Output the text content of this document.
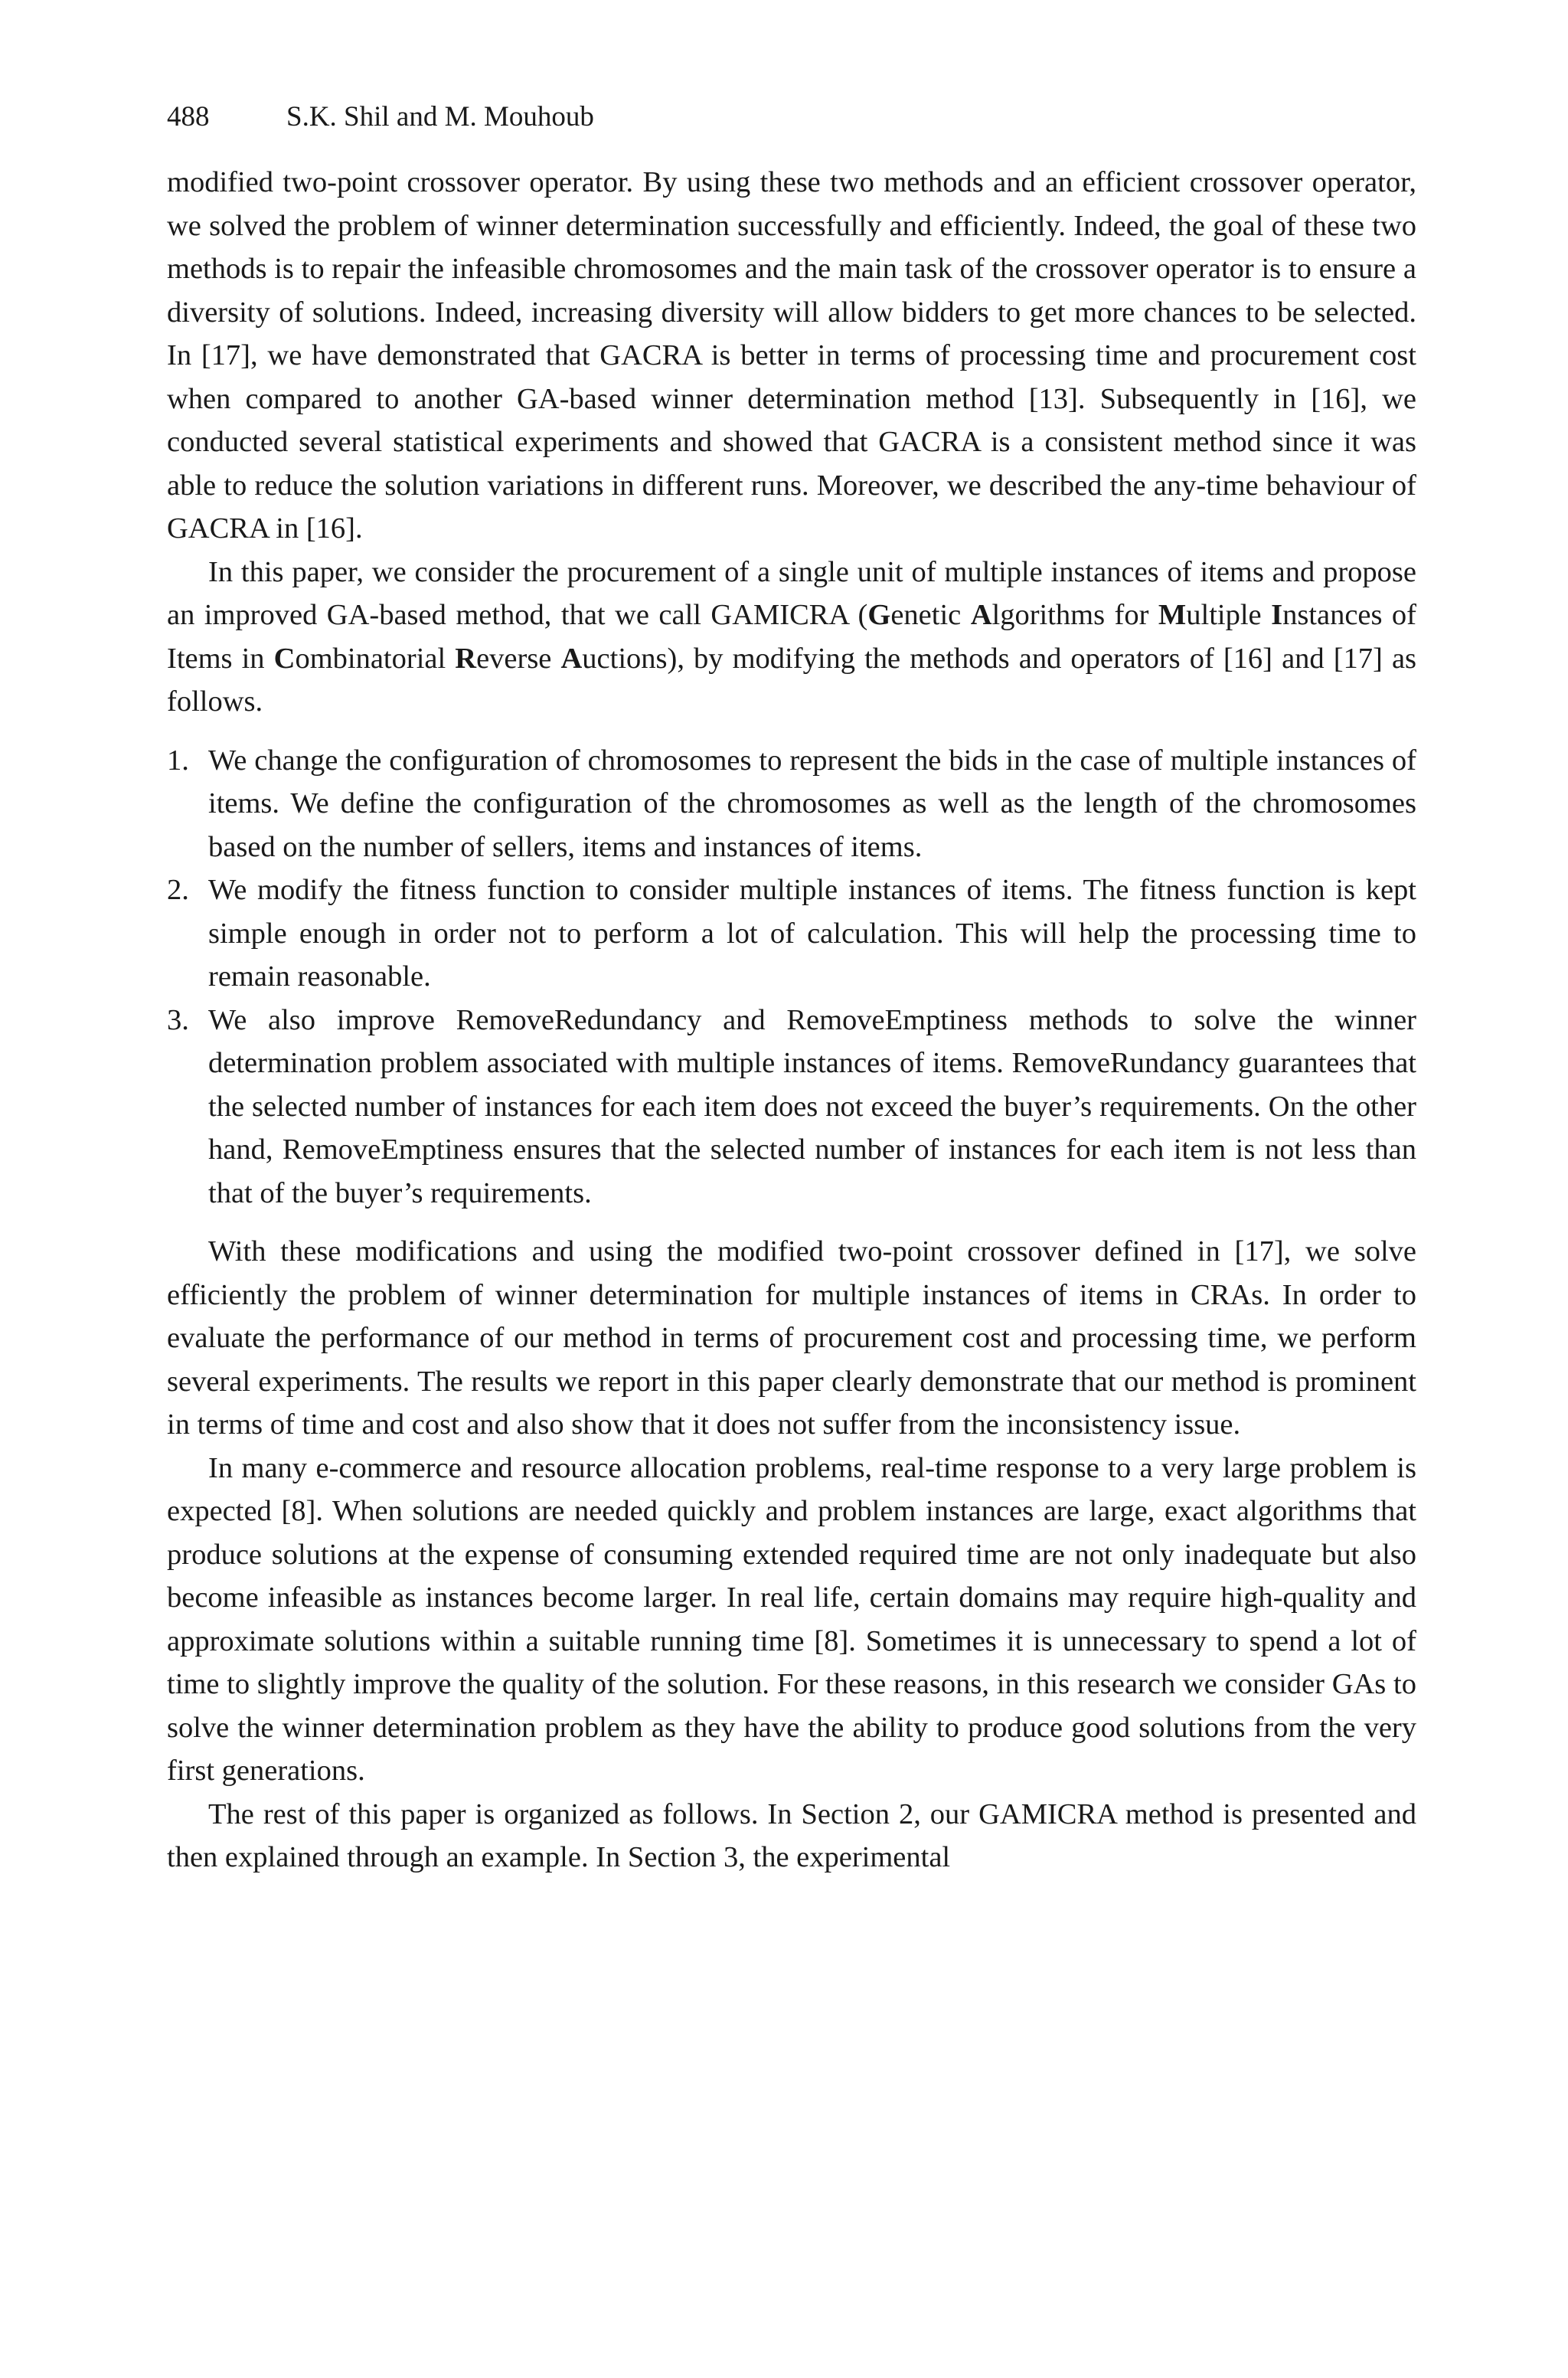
488	S.K. Shil and M. Mouhoub

modified two-point crossover operator. By using these two methods and an efficient crossover operator, we solved the problem of winner determination successfully and efficiently. Indeed, the goal of these two methods is to repair the infeasible chromosomes and the main task of the crossover operator is to ensure a diversity of solutions. Indeed, increasing diversity will allow bidders to get more chances to be selected. In [17], we have demonstrated that GACRA is better in terms of processing time and procurement cost when compared to another GA-based winner determination method [13]. Subsequently in [16], we conducted several statistical experiments and showed that GACRA is a consistent method since it was able to reduce the solution variations in different runs. Moreover, we described the any-time behaviour of GACRA in [16].

In this paper, we consider the procurement of a single unit of multiple instances of items and propose an improved GA-based method, that we call GAMICRA (Genetic Algorithms for Multiple Instances of Items in Combinatorial Reverse Auctions), by modifying the methods and operators of [16] and [17] as follows.

1. We change the configuration of chromosomes to represent the bids in the case of multiple instances of items. We define the configuration of the chromosomes as well as the length of the chromosomes based on the number of sellers, items and instances of items.
2. We modify the fitness function to consider multiple instances of items. The fitness function is kept simple enough in order not to perform a lot of calculation. This will help the processing time to remain reasonable.
3. We also improve RemoveRedundancy and RemoveEmptiness methods to solve the winner determination problem associated with multiple instances of items. RemoveRundancy guarantees that the selected number of instances for each item does not exceed the buyer’s requirements. On the other hand, RemoveEmptiness ensures that the selected number of instances for each item is not less than that of the buyer’s requirements.

With these modifications and using the modified two-point crossover defined in [17], we solve efficiently the problem of winner determination for multiple instances of items in CRAs. In order to evaluate the performance of our method in terms of procurement cost and processing time, we perform several experiments. The results we report in this paper clearly demonstrate that our method is prominent in terms of time and cost and also show that it does not suffer from the inconsistency issue.

In many e-commerce and resource allocation problems, real-time response to a very large problem is expected [8]. When solutions are needed quickly and problem instances are large, exact algorithms that produce solutions at the expense of consuming extended required time are not only inadequate but also become infeasible as instances become larger. In real life, certain domains may require high-quality and approximate solutions within a suitable running time [8]. Sometimes it is unnecessary to spend a lot of time to slightly improve the quality of the solution. For these reasons, in this research we consider GAs to solve the winner determination problem as they have the ability to produce good solutions from the very first generations.

The rest of this paper is organized as follows. In Section 2, our GAMICRA method is presented and then explained through an example. In Section 3, the experimental
